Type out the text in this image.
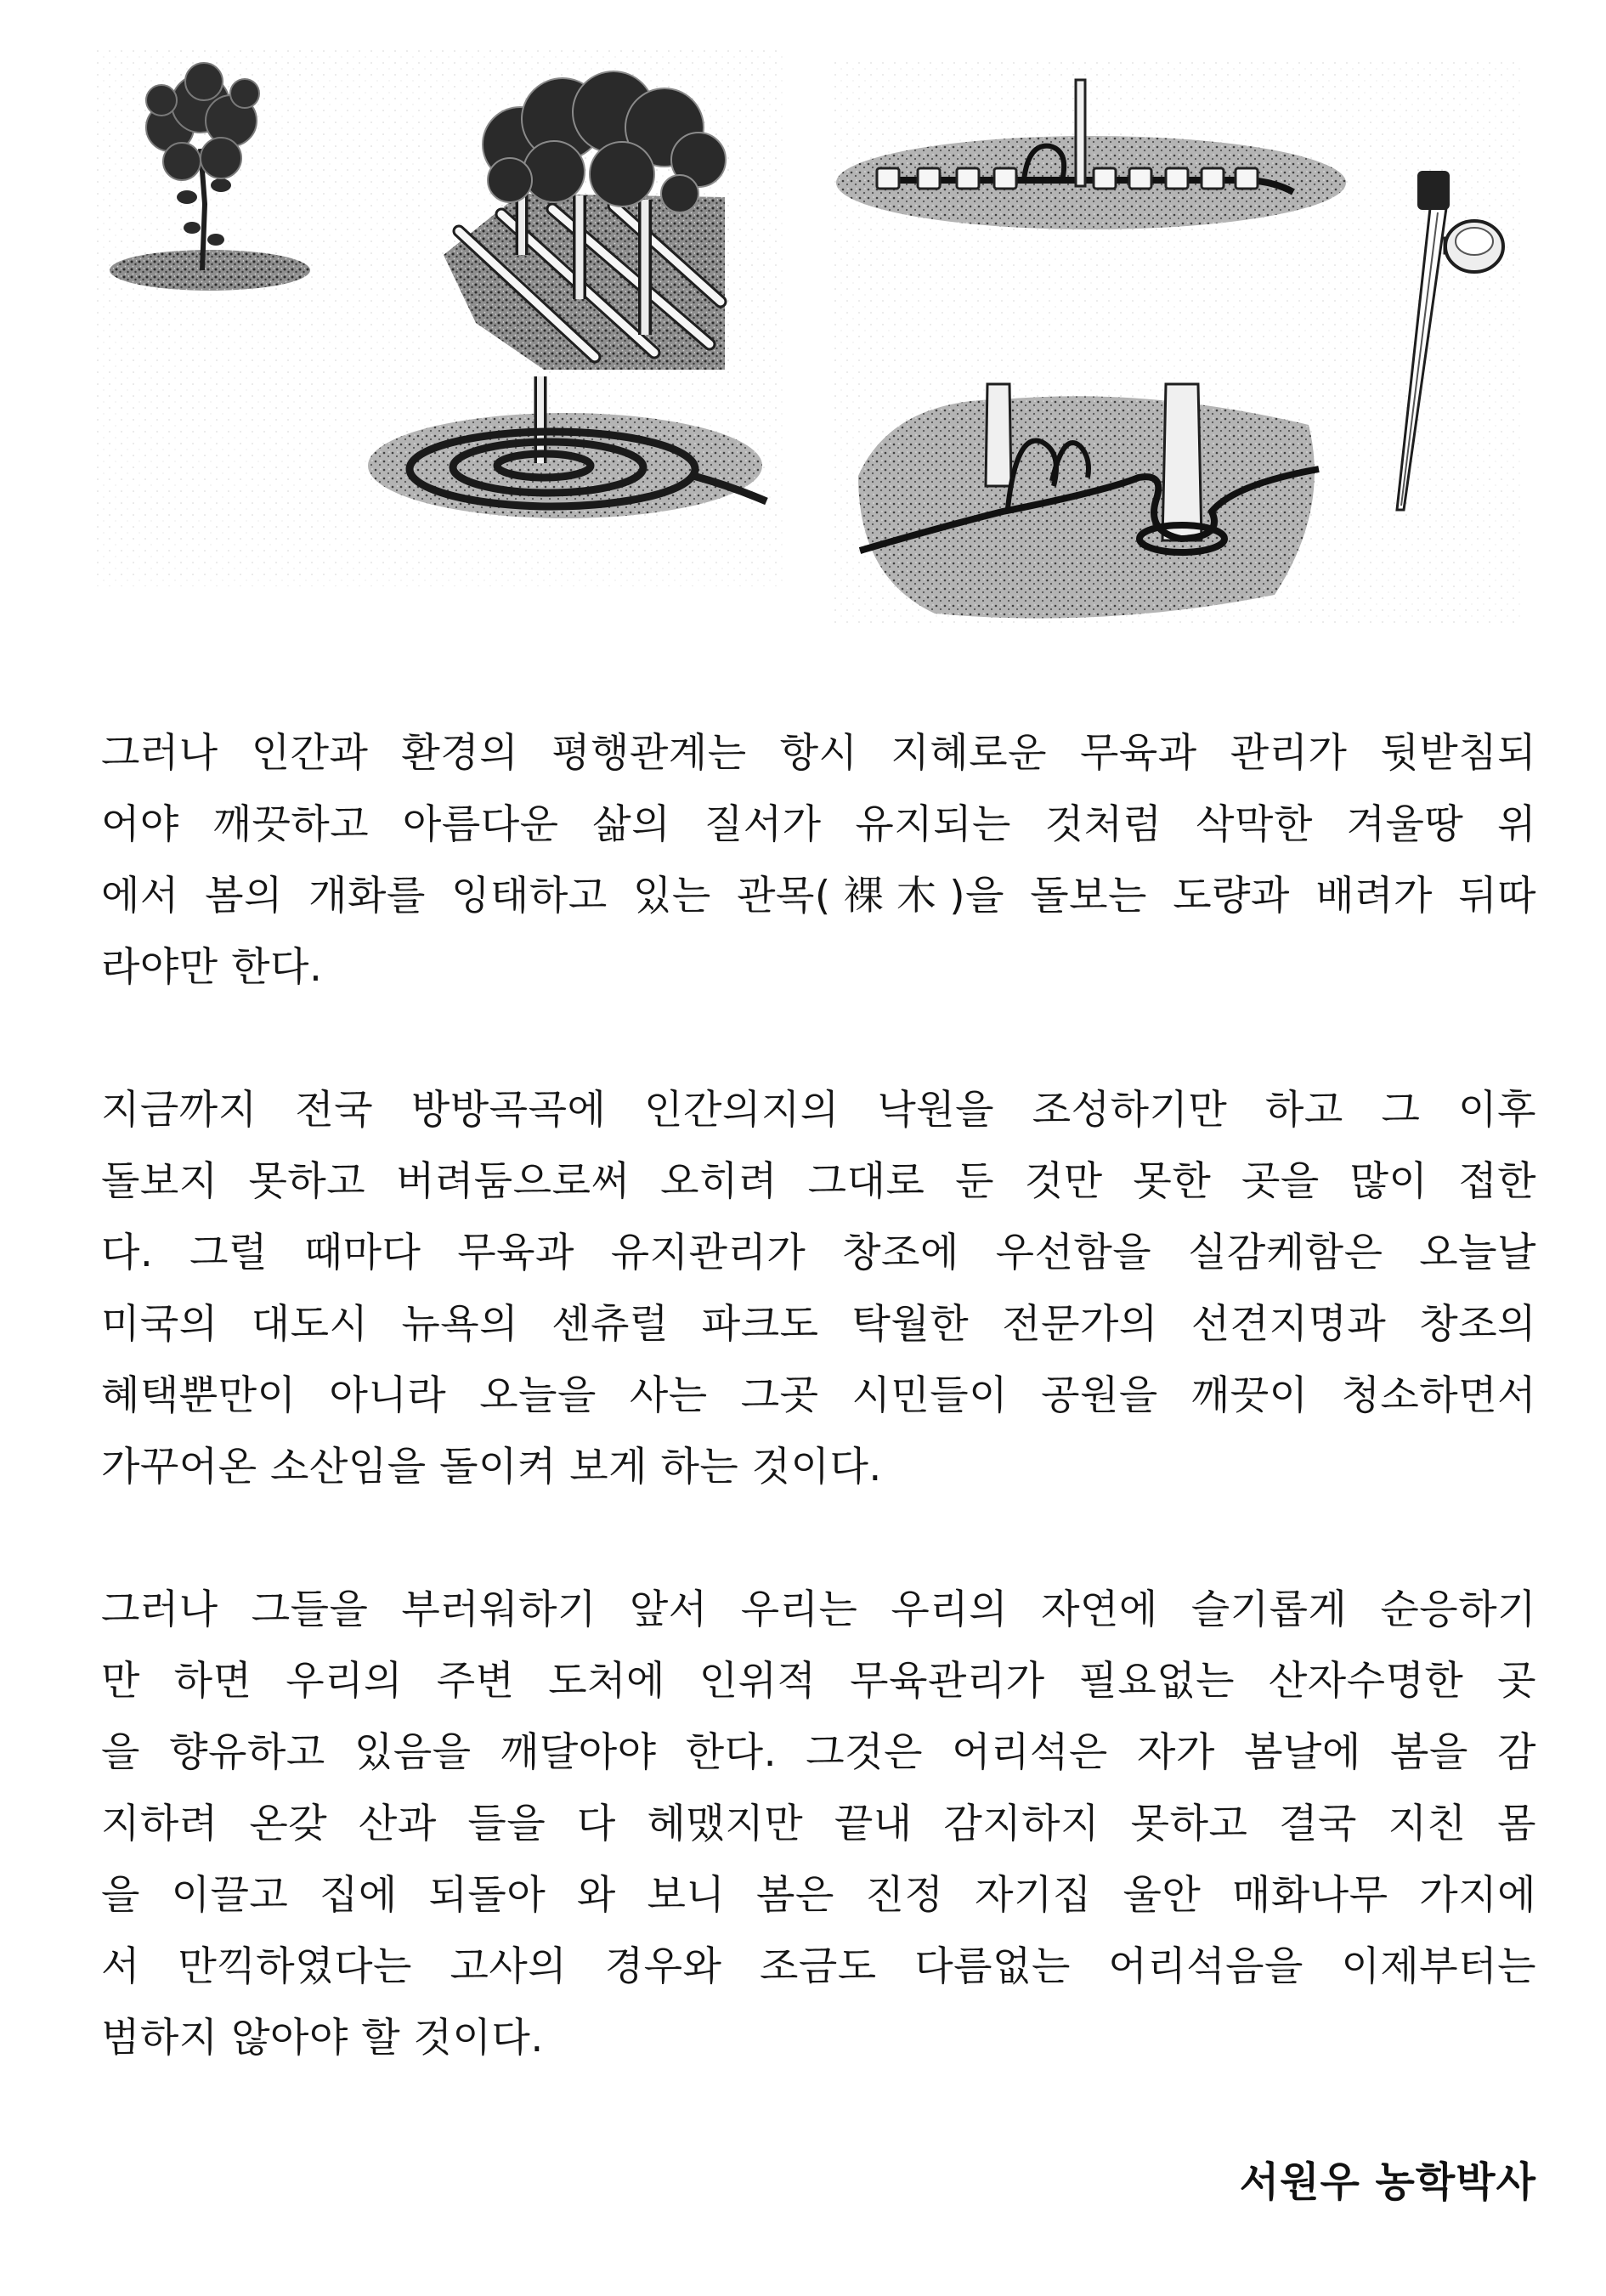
그러나 인간과 환경의 평행관계는 항시 지혜로운 무육과 관리가 뒷받침되
어야 깨끗하고 아름다운 삶의 질서가 유지되는 것처럼 삭막한 겨울땅 위
에서 봄의 개화를 잉태하고 있는 관목(裸木)을 돌보는 도량과 배려가 뒤따
라야만 한다.

지금까지 전국 방방곡곡에 인간의지의 낙원을 조성하기만 하고 그 이후
돌보지 못하고 버려둠으로써 오히려 그대로 둔 것만 못한 곳을 많이 접한
다. 그럴 때마다 무육과 유지관리가 창조에 우선함을 실감케함은 오늘날
미국의 대도시 뉴욕의 센츄럴 파크도 탁월한 전문가의 선견지명과 창조의
혜택뿐만이 아니라 오늘을 사는 그곳 시민들이 공원을 깨끗이 청소하면서
가꾸어온 소산임을 돌이켜 보게 하는 것이다.

그러나 그들을 부러워하기 앞서 우리는 우리의 자연에 슬기롭게 순응하기
만 하면 우리의 주변 도처에 인위적 무육관리가 필요없는 산자수명한 곳
을 향유하고 있음을 깨달아야 한다. 그것은 어리석은 자가 봄날에 봄을 감
지하려 온갖 산과 들을 다 헤맸지만 끝내 감지하지 못하고 결국 지친 몸
을 이끌고 집에 되돌아 와 보니 봄은 진정 자기집 울안 매화나무 가지에
서 만끽하였다는 고사의 경우와 조금도 다름없는 어리석음을 이제부터는
범하지 않아야 할 것이다.

서원우 농학박사
